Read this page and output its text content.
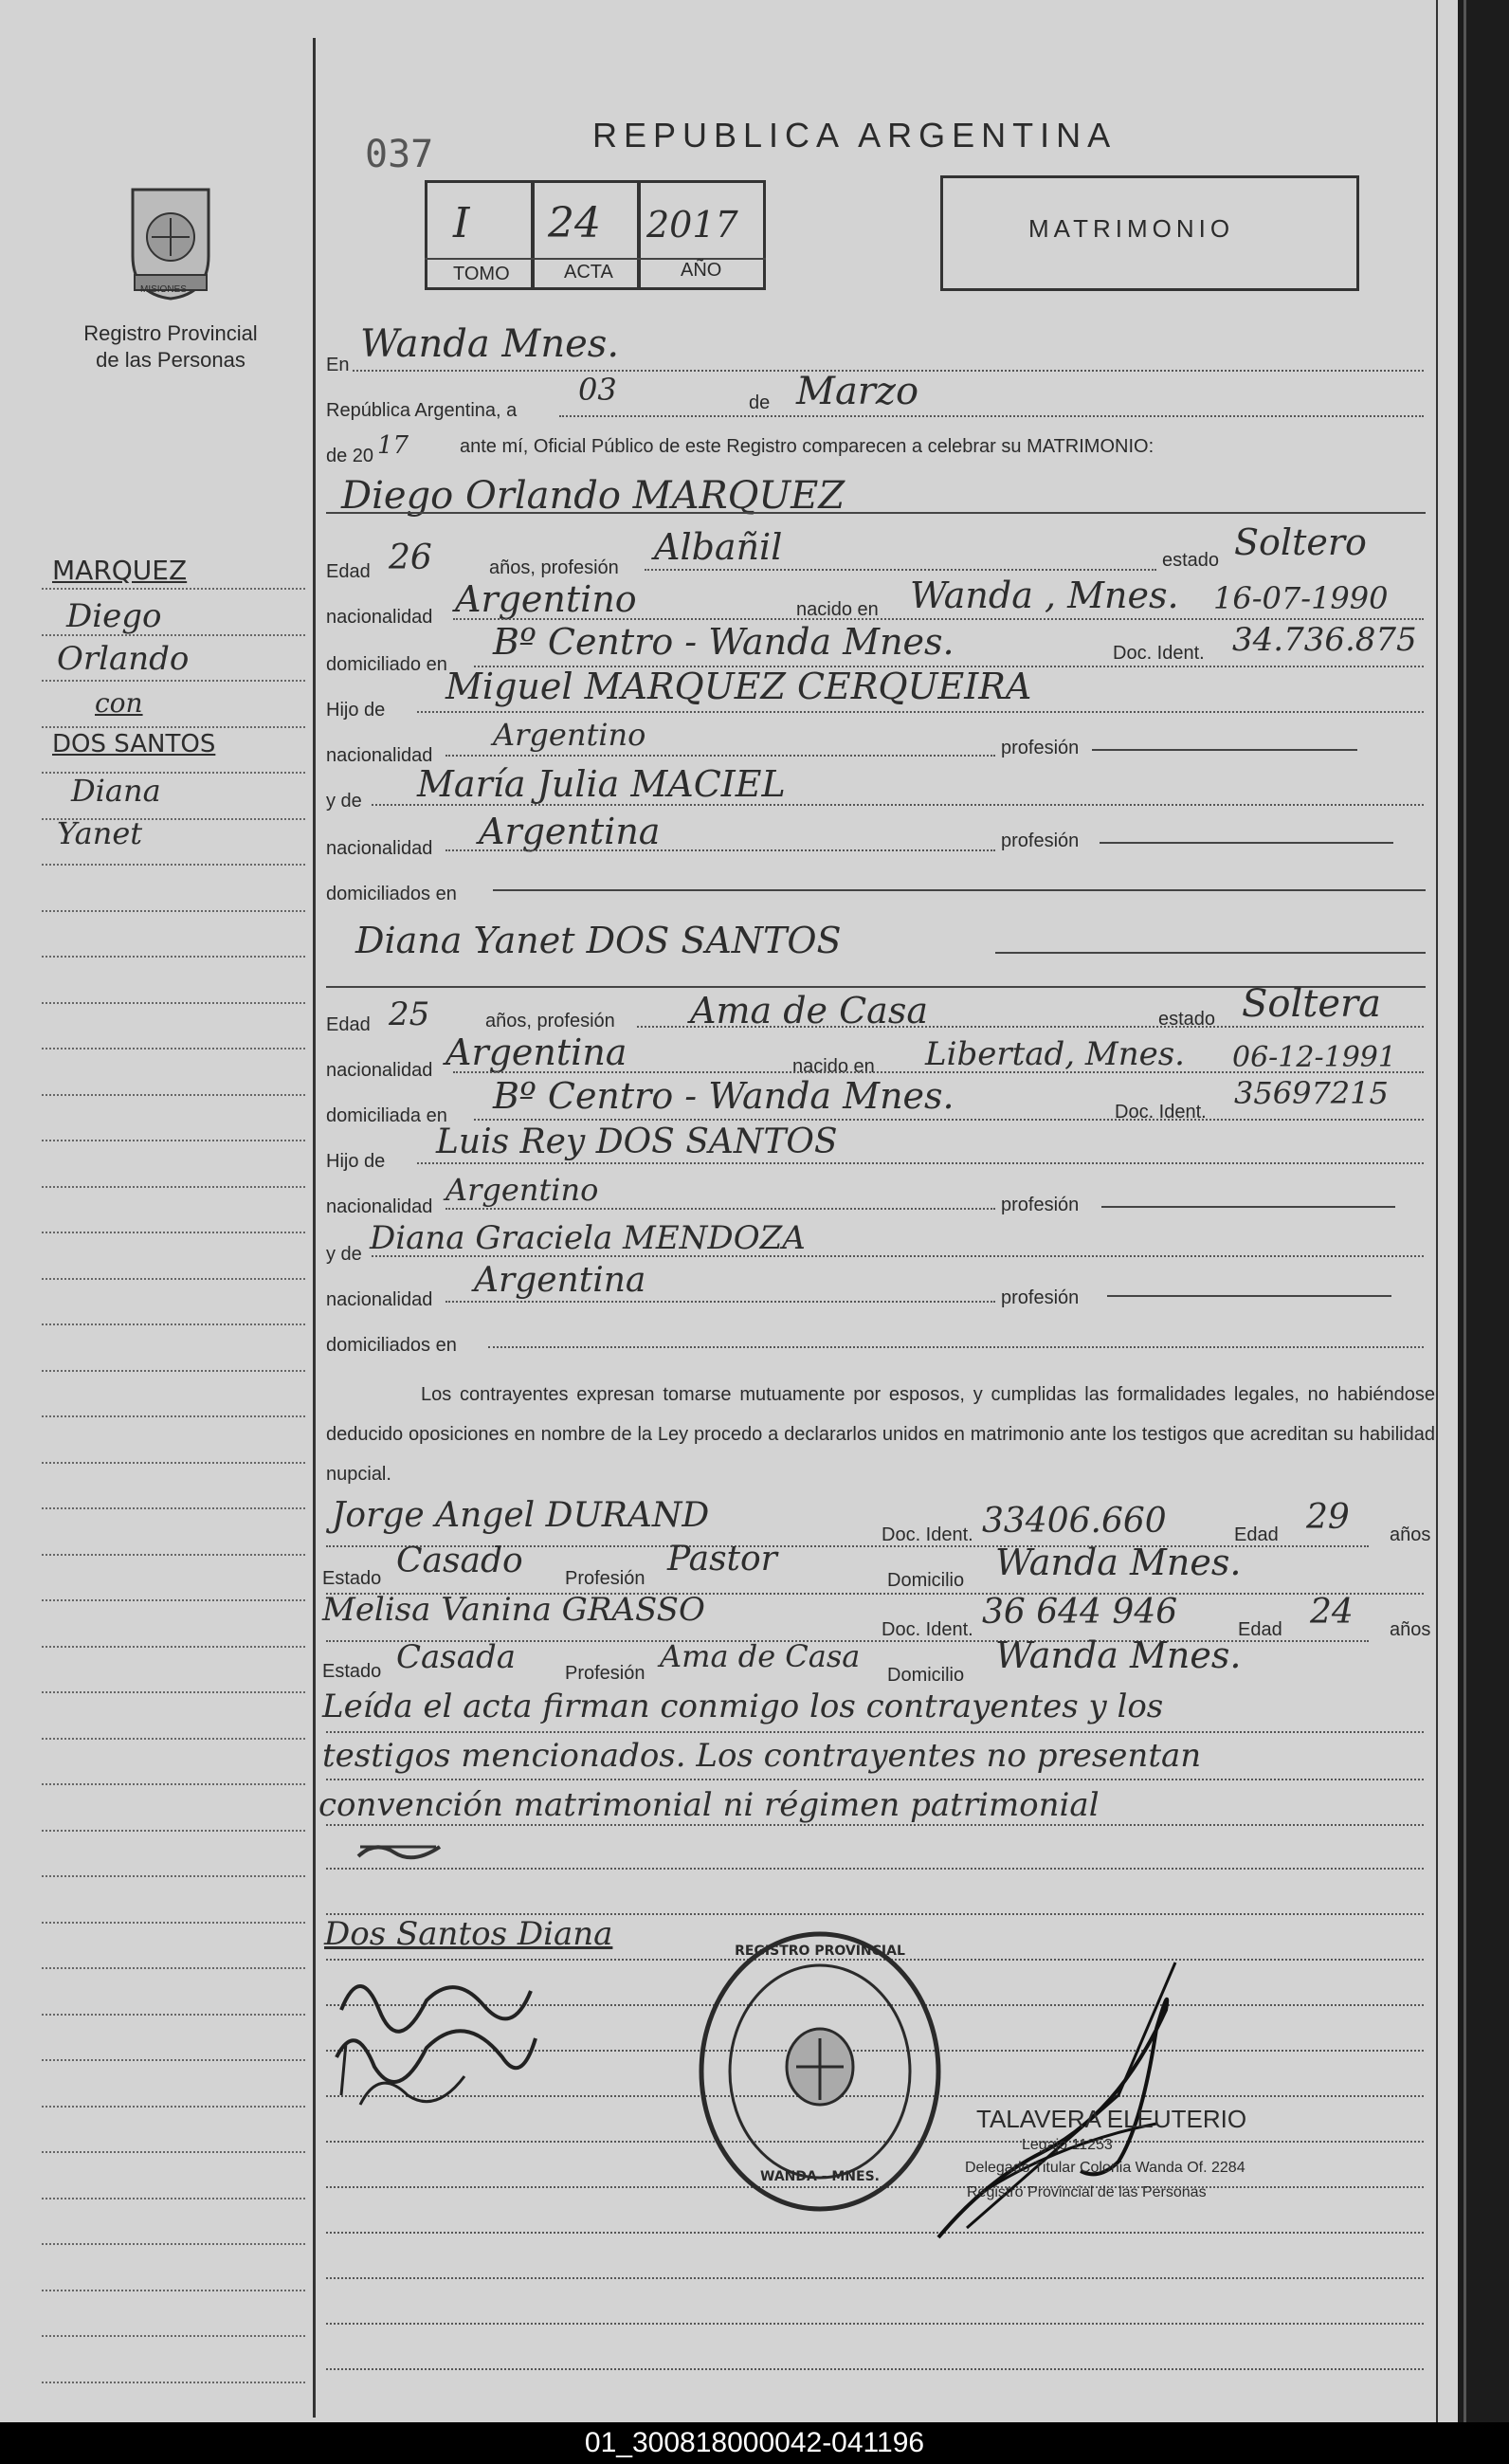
MISIONES
Registro Provincial de las Personas
037	REPUBLICA ARGENTINA
I 24 2017
TOMO	ACTA	AÑO
MATRIMONIO
MARQUEZ
Diego
Orlando
con
DOS SANTOS
Diana
Yanet
En Wanda Mnes.
República Argentina, a
03	de Marzo
de 20 17	ante mí, Oficial Público de este Registro comparecen a celebrar su MATRIMONIO:
Diego Orlando MARQUEZ
Edad 26	años, profesión Albañil	estado Soltero
nacionalidad Argentino	nacido en Wanda , Mnes. 16-07-1990
domiciliado en
Bº Centro - Wanda Mnes.	Doc. Ident. 34.736.875
Hijo de
Miguel MARQUEZ CERQUEIRA
nacionalidad
Argentino	profesión
y de María Julia MACIEL
nacionalidad Argentina	profesión
domiciliados en
Diana Yanet DOS SANTOS
Edad 25	años, profesión Ama de Casa	estado Soltera
nacionalidad Argentina	nacido en Libertad, Mnes. 06-12-1991
domiciliada en Bº Centro - Wanda Mnes.	Doc. Ident.
35697215
Hijo de Luis Rey DOS SANTOS
nacionalidad Argentino	profesión
y de Diana Graciela MENDOZA
nacionalidad Argentina	profesión
domiciliados en
Los contrayentes expresan tomarse mutuamente por esposos, y cumplidas las formalidades legales, no habiéndose deducido oposiciones en nombre de la Ley procedo a declararlos unidos en matrimonio ante los testigos que acreditan su habilidad nupcial.
Jorge Angel DURAND	Doc. Ident. 33406.660	Edad 29 años
Estado Casado Profesión Pastor
Domicilio Wanda Mnes.
Melisa Vanina GRASSO
Doc. Ident. 36 644 946	Edad 24 años
Estado Casada	Profesión Ama de Casa
Domicilio Wanda Mnes.
Leída el acta firman conmigo los contrayentes y los
testigos mencionados. Los contrayentes no presentan
convención matrimonial ni régimen patrimonial
Dos Santos Diana	REGISTRO PROVINCIAL
WANDA - MNES.
TALAVERA ELEUTERIO
Legajo 11253
Delegado Titular Colonia Wanda Of. 2284
Registro Provincial de las Personas
01_300818000042-041196
